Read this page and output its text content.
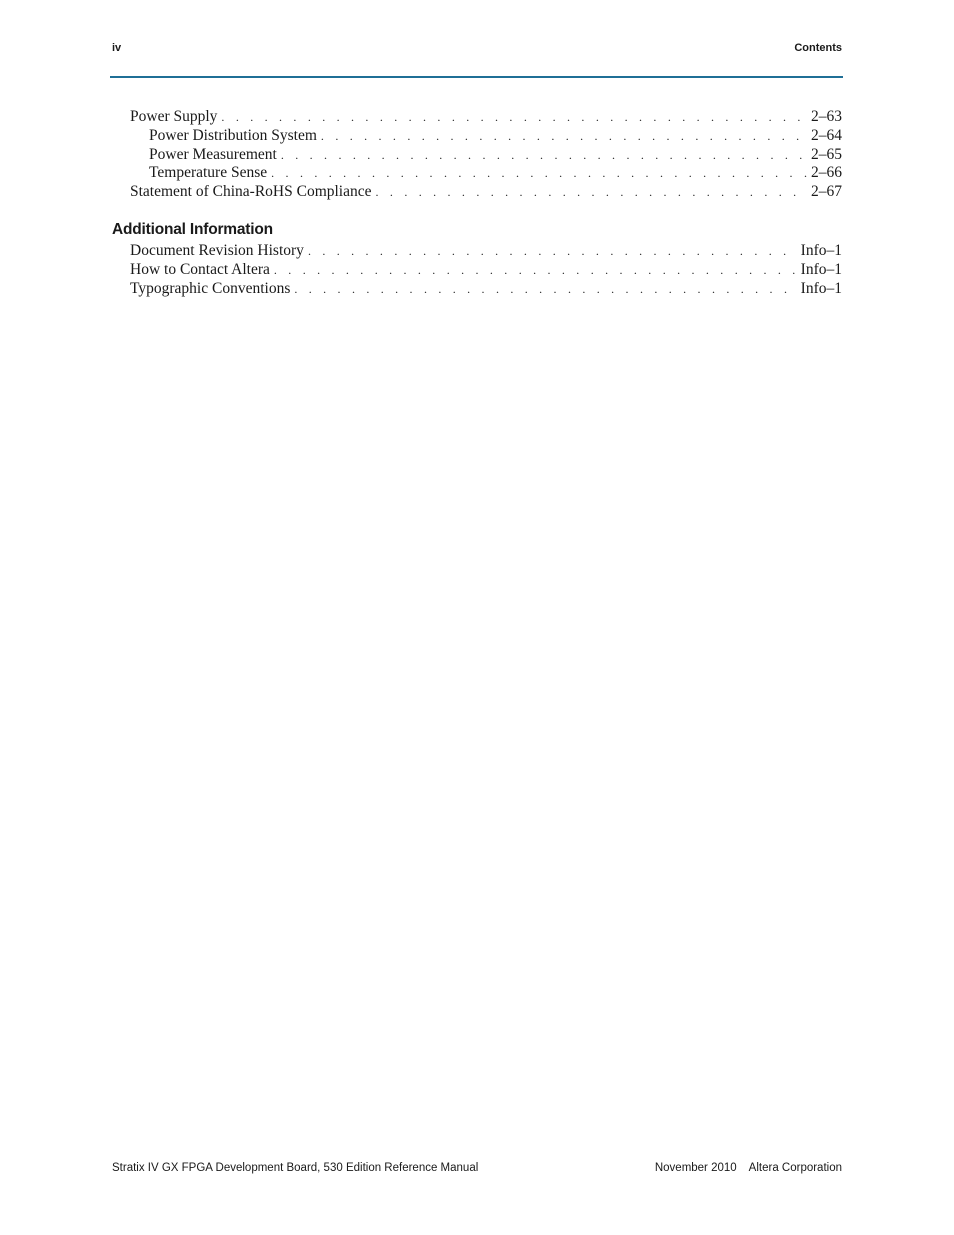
iv	Contents
Power Supply . . .	2–63
Power Distribution System . . .	2–64
Power Measurement . . .	2–65
Temperature Sense . . .	2–66
Statement of China-RoHS Compliance . . .	2–67
Additional Information
Document Revision History . . .	Info–1
How to Contact Altera . . .	Info–1
Typographic Conventions . . .	Info–1
Stratix IV GX FPGA Development Board, 530 Edition Reference Manual	November 2010 Altera Corporation
